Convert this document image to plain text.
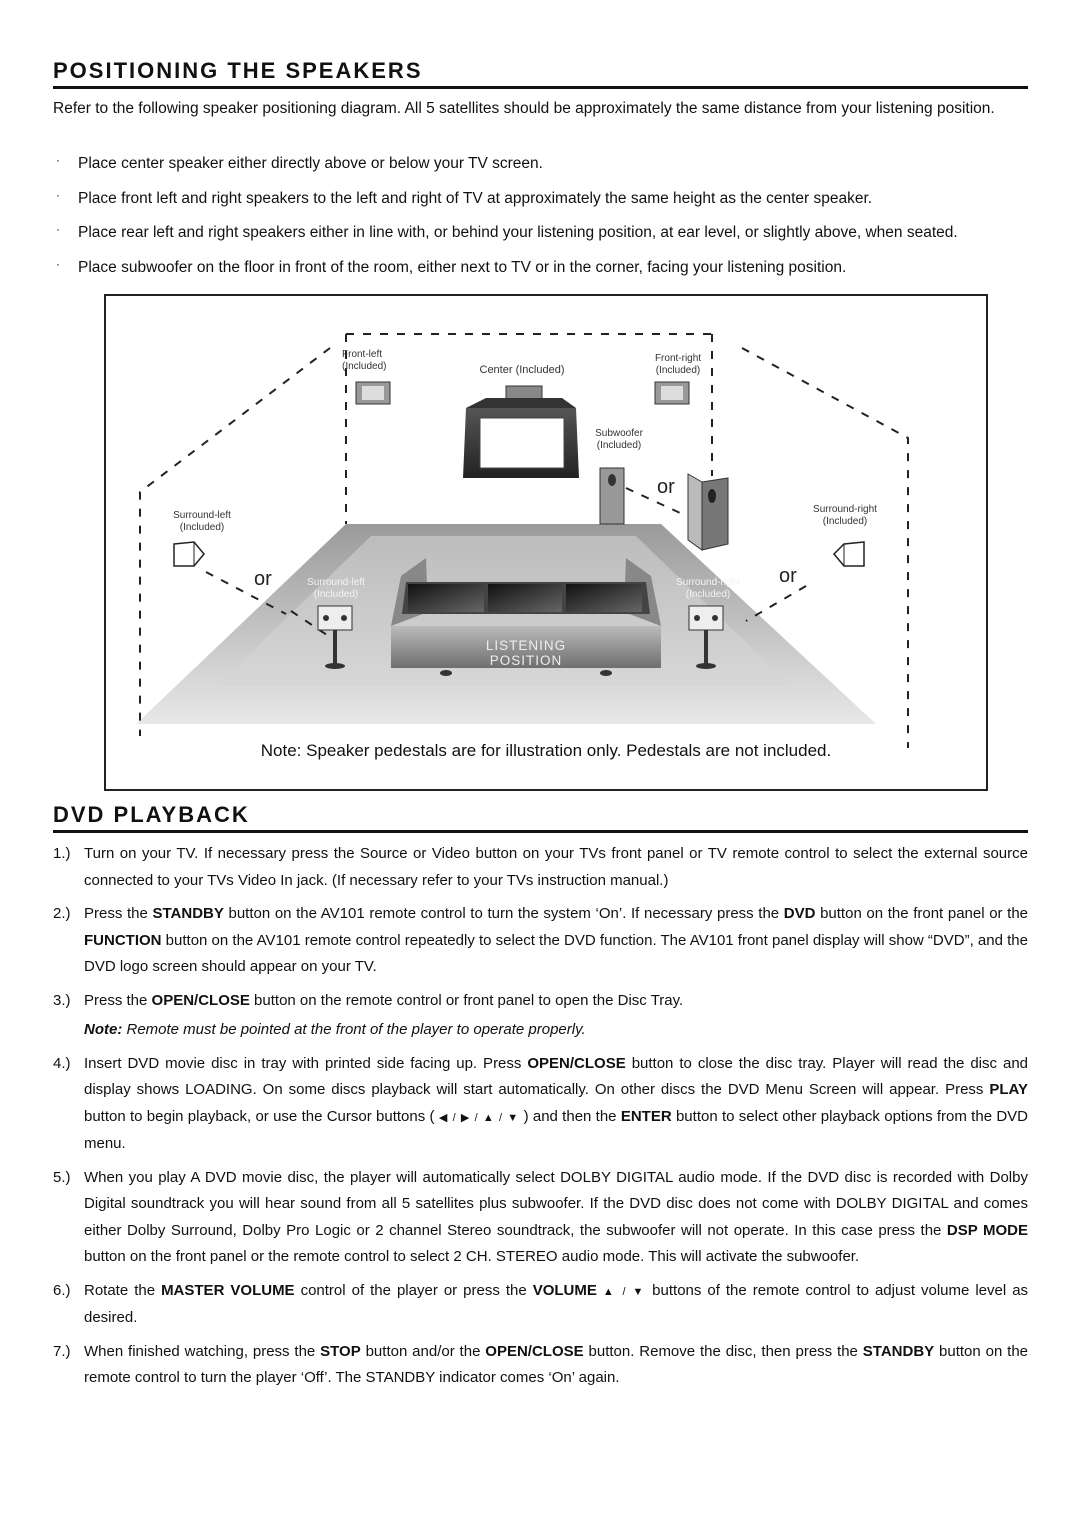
POSITIONING THE SPEAKERS
Refer to the following speaker positioning diagram. All 5 satellites should be approximately the same distance from your listening position.
· Place center speaker either directly above or below your TV screen.
· Place front left and right speakers to the left and right of TV at approximately the same height as the center speaker.
· Place rear left and right speakers either in line with, or behind your listening position, at ear level, or slightly above, when seated.
· Place subwoofer on the floor in front of the room, either next to TV or in the corner, facing your listening position.
Front-left
(Included)
Front-right
(Included)
Center (Included)
Subwoofer
(Included)
Surround-left
(Included)
Surround-right
(Included)
Surround-left
(Included)
Surround-right
(Included)
or
or	or
LISTENING
POSITION
Note: Speaker pedestals are for illustration only. Pedestals are not included.
DVD PLAYBACK
1.) Turn on your TV. If necessary press the Source or Video button on your TVs front panel or TV remote control to select the external source connected to your TVs Video In jack. (If necessary refer to your TVs instruction manual.)
2.) Press the STANDBY button on the AV101 remote control to turn the system ‘On’. If necessary press the DVD button on the front panel or the FUNCTION button on the AV101 remote control repeatedly to select the DVD function. The AV101 front panel display will show “DVD”, and the DVD logo screen should appear on your TV.
3.) Press the OPEN/CLOSE button on the remote control or front panel to open the Disc Tray.
Note: Remote must be pointed at the front of the player to operate properly.
4.) Insert DVD movie disc in tray with printed side facing up. Press OPEN/CLOSE button to close the disc tray. Player will read the disc and display shows LOADING. On some discs playback will start automatically. On other discs the DVD Menu Screen will appear. Press PLAY button to begin playback, or use the Cursor buttons ( ◀ / ▶ / ▲ / ▼ ) and then the ENTER button to select other playback options from the DVD menu.
5.) When you play A DVD movie disc, the player will automatically select DOLBY DIGITAL audio mode. If the DVD disc is recorded with Dolby Digital soundtrack you will hear sound from all 5 satellites plus subwoofer. If the DVD disc does not come with DOLBY DIGITAL and comes either Dolby Surround, Dolby Pro Logic or 2 channel Stereo soundtrack, the subwoofer will not operate. In this case press the DSP MODE button on the front panel or the remote control to select 2 CH. STEREO audio mode. This will activate the subwoofer.
6.) Rotate the MASTER VOLUME control of the player or press the VOLUME ▲ / ▼ buttons of the remote control to adjust volume level as desired.
7.) When finished watching, press the STOP button and/or the OPEN/CLOSE button. Remove the disc, then press the STANDBY button on the remote control to turn the player ‘Off’. The STANDBY indicator comes ‘On’ again.
